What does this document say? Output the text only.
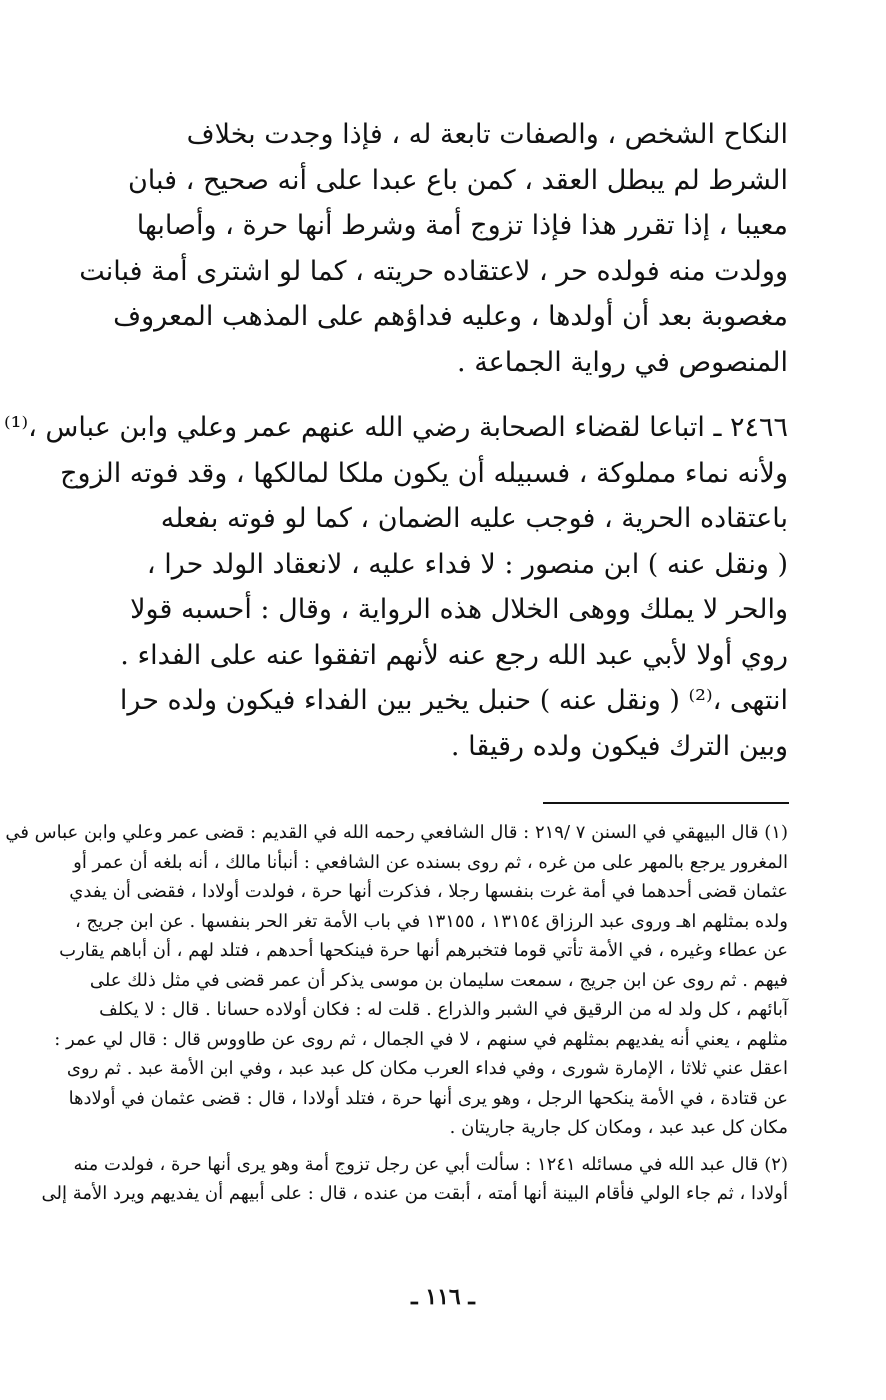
النكاح الشخص ، والصفات تابعة له ، فإذا وجدت بخلاف
الشرط لم يبطل العقد ، كمن باع عبدا على أنه صحيح ، فبان
معيبا ، إذا تقرر هذا فإذا تزوج أمة وشرط أنها حرة ، وأصابها
وولدت منه فولده حر ، لاعتقاده حريته ، كما لو اشترى أمة فبانت
مغصوبة بعد أن أولدها ، وعليه فداؤهم على المذهب المعروف
المنصوص في رواية الجماعة .
٢٤٦٦ ـ اتباعا لقضاء الصحابة رضي الله عنهم عمر وعلي وابن عباس ،⁽¹⁾
ولأنه نماء مملوكة ، فسبيله أن يكون ملكا لمالكها ، وقد فوته الزوج
باعتقاده الحرية ، فوجب عليه الضمان ، كما لو فوته بفعله
( ونقل عنه ) ابن منصور : لا فداء عليه ، لانعقاد الولد حرا ،
والحر لا يملك ووهى الخلال هذه الرواية ، وقال : أحسبه قولا
روي أولا لأبي عبد الله رجع عنه لأنهم اتفقوا عنه على الفداء .
انتهى ،⁽²⁾ ( ونقل عنه ) حنبل يخير بين الفداء فيكون ولده حرا
وبين الترك فيكون ولده رقيقا .
(١) قال البيهقي في السنن ٧ /٢١٩ : قال الشافعي رحمه الله في القديم : قضى عمر وعلي وابن عباس في
المغرور يرجع بالمهر على من غره ، ثم روى بسنده عن الشافعي : أنبأنا مالك ، أنه بلغه أن عمر أو
عثمان قضى أحدهما في أمة غرت بنفسها رجلا ، فذكرت أنها حرة ، فولدت أولادا ، فقضى أن يفدي
ولده بمثلهم اهـ وروى عبد الرزاق ١٣١٥٤ ، ١٣١٥٥ في باب الأمة تغر الحر بنفسها . عن ابن جريج ،
عن عطاء وغيره ، في الأمة تأتي قوما فتخبرهم أنها حرة فينكحها أحدهم ، فتلد لهم ، أن أباهم يقارب
فيهم . ثم روى عن ابن جريج ، سمعت سليمان بن موسى يذكر أن عمر قضى في مثل ذلك على
آبائهم ، كل ولد له من الرقيق في الشبر والذراع . قلت له : فكان أولاده حسانا . قال : لا يكلف
مثلهم ، يعني أنه يفديهم بمثلهم في سنهم ، لا في الجمال ، ثم روى عن طاووس قال : قال لي عمر :
اعقل عني ثلاثا ، الإمارة شورى ، وفي فداء العرب مكان كل عبد عبد ، وفي ابن الأمة عبد . ثم روى
عن قتادة ، في الأمة ينكحها الرجل ، وهو يرى أنها حرة ، فتلد أولادا ، قال : قضى عثمان في أولادها
مكان كل عبد عبد ، ومكان كل جارية جاريتان .
(٢) قال عبد الله في مسائله ١٢٤١ : سألت أبي عن رجل تزوج أمة وهو يرى أنها حرة ، فولدت منه
أولادا ، ثم جاء الولي فأقام البينة أنها أمته ، أبقت من عنده ، قال : على أبيهم أن يفديهم ويرد الأمة إلى
ـ ١١٦ ـ
